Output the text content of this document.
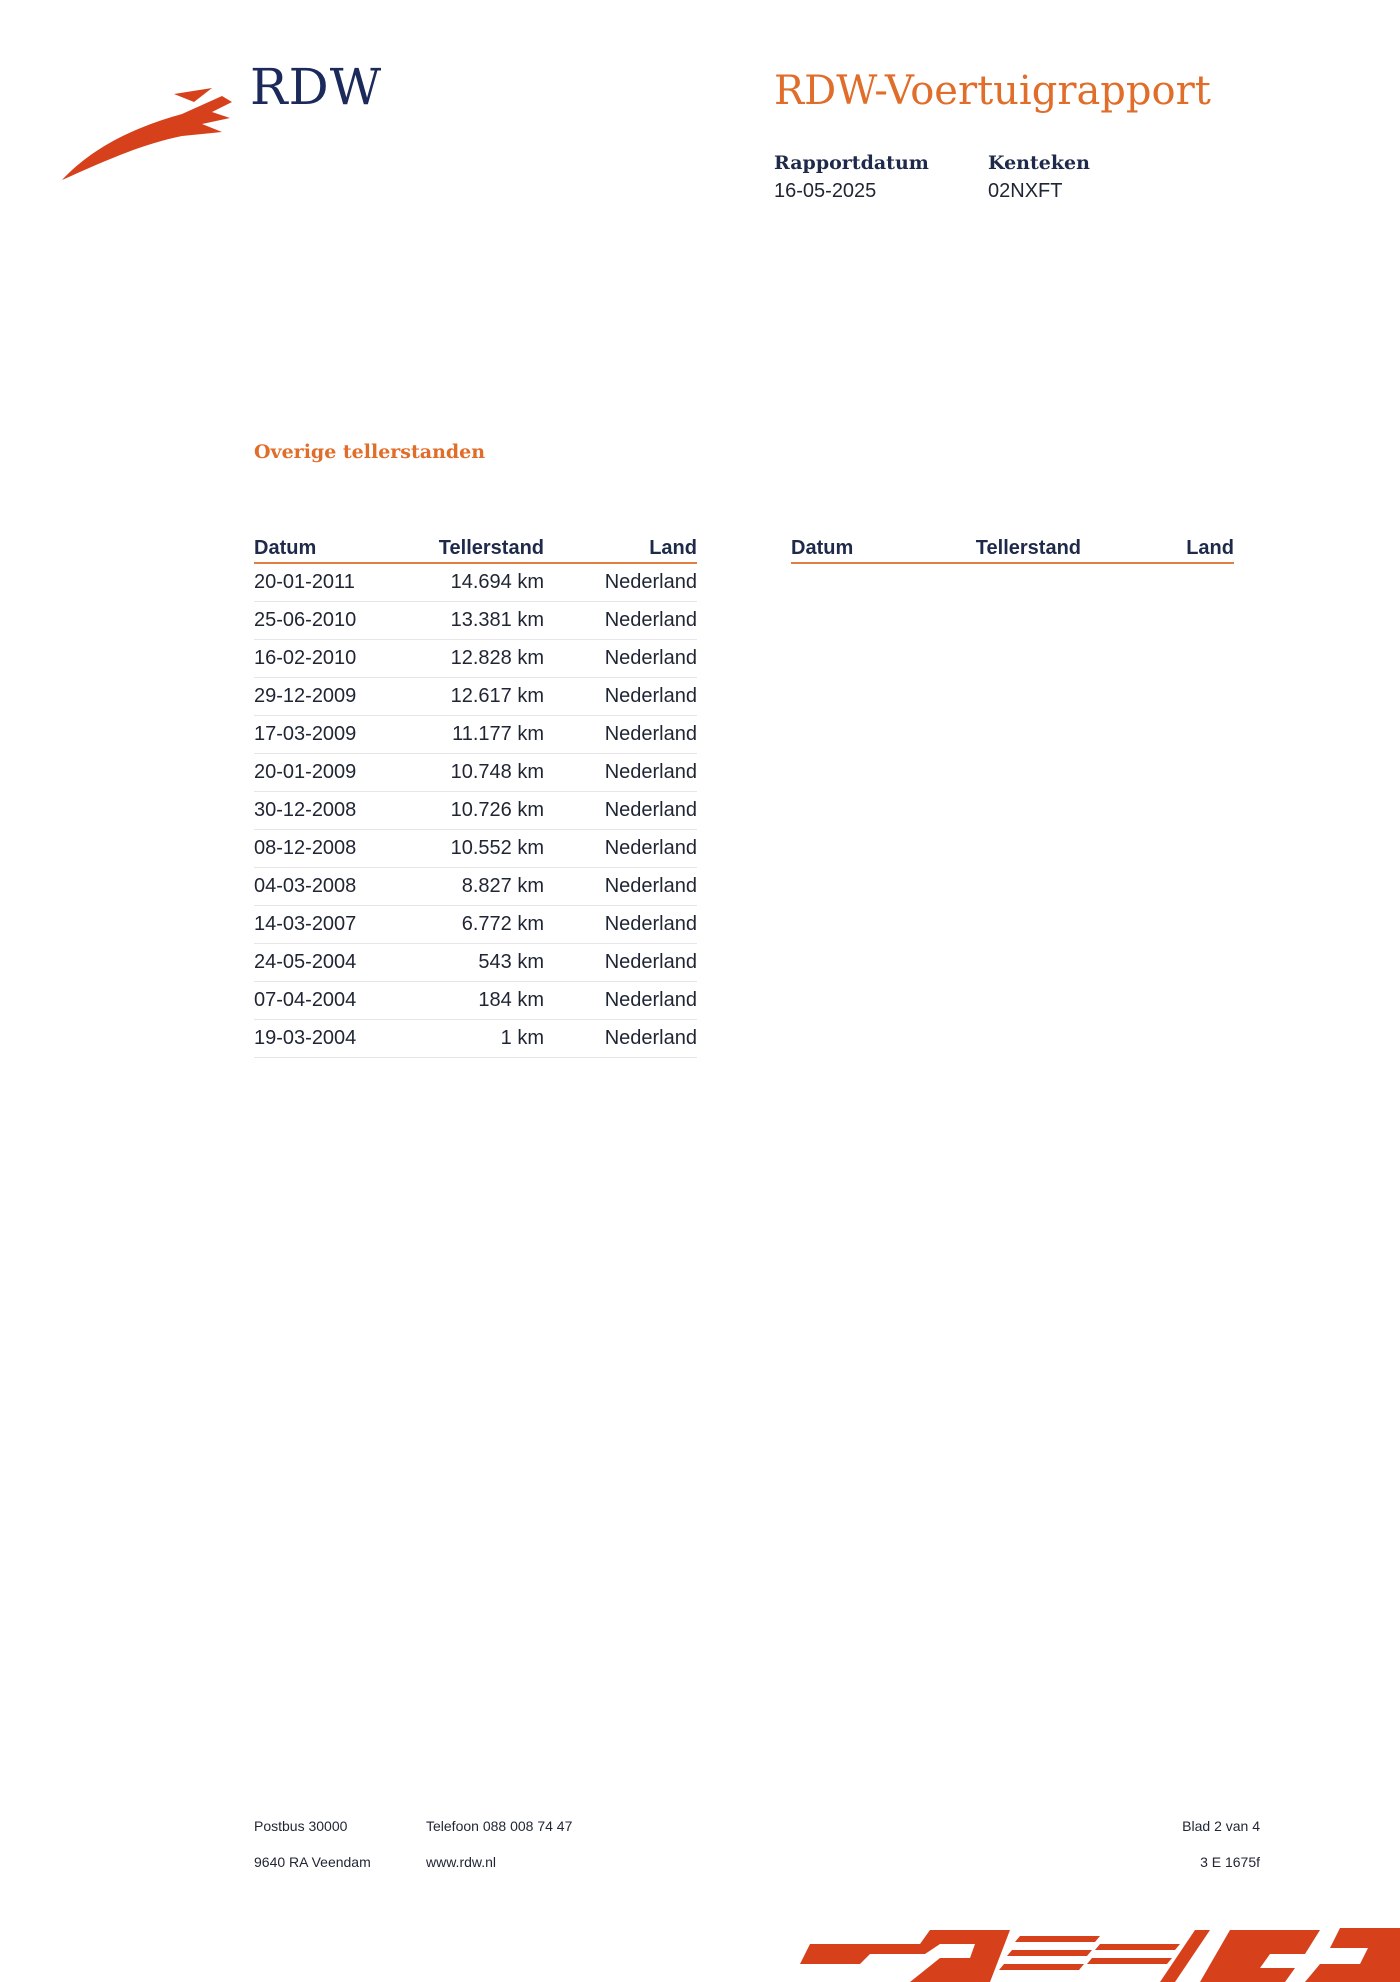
RDW	RDW-Voertuigrapport
Rapportdatum
16-05-2025
Kenteken
02NXFT
Overige tellerstanden
Datum	Tellerstand	Land
20-01-2011	14.694 km	Nederland
25-06-2010	13.381 km	Nederland
16-02-2010	12.828 km	Nederland
29-12-2009	12.617 km	Nederland
17-03-2009	11.177 km	Nederland
20-01-2009	10.748 km	Nederland
30-12-2008	10.726 km	Nederland
08-12-2008	10.552 km	Nederland
04-03-2008	8.827 km	Nederland
14-03-2007	6.772 km	Nederland
24-05-2004	543 km	Nederland
07-04-2004	184 km	Nederland
19-03-2004	1 km	Nederland
Datum	Tellerstand	Land
Postbus 30000
9640 RA Veendam
Telefoon 088 008 74 47
www.rdw.nl
Blad 2 van 4
3 E 1675f
